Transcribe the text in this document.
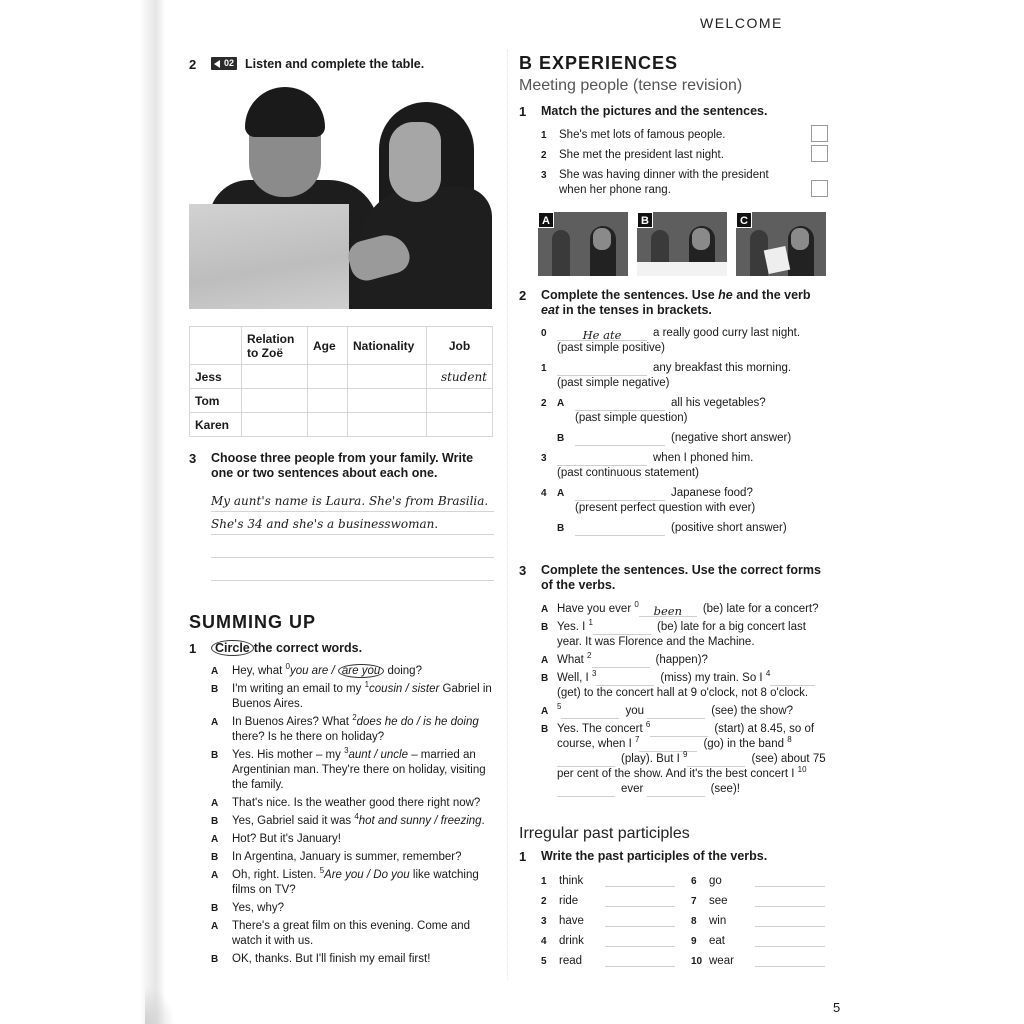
WELCOME
5
2	02 Listen and complete the table.
	Relation to Zoë	Age	Nationality	Job
Jess				student
Tom				
Karen				
3	Choose three people from your family. Write one or two sentences about each one.
My aunt's name is Laura. She's from Brasilia.
She's 34 and she's a businesswoman.
SUMMING UP
1	Circle the correct words.
A	Hey, what $^0$you are / are you doing?
B	I'm writing an email to my $^1$cousin / sister Gabriel in Buenos Aires.
A	In Buenos Aires? What $^2$does he do / is he doing there? Is he there on holiday?
B	Yes. His mother – my $^3$aunt / uncle – married an Argentinian man. They're there on holiday, visiting the family.
A	That's nice. Is the weather good there right now?
B	Yes, Gabriel said it was $^4$hot and sunny / freezing.
A	Hot? But it's January!
B	In Argentina, January is summer, remember?
A	Oh, right. Listen. $^5$Are you / Do you like watching films on TV?
B	Yes, why?
A	There's a great film on this evening. Come and watch it with us.
B	OK, thanks. But I'll finish my email first!
B EXPERIENCES
Meeting people (tense revision)
1	Match the pictures and the sentences.
1	She's met lots of famous people.
2	She met the president last night.
3	She was having dinner with the president when her phone rang.
A	B	C
2	Complete the sentences. Use he and the verb eat in the tenses in brackets.
0	He ate	a really good curry last night.
(past simple positive)
1	any breakfast this morning.
(past simple negative)
2	A	all his vegetables?
(past simple question)
B	(negative short answer)
3	when I phoned him.
(past continuous statement)
4	A	Japanese food?
(present perfect question with ever)
B	(positive short answer)
3	Complete the sentences. Use the correct forms of the verbs.
A Have you ever $^0$ been (be) late for a concert?
B Yes. I $^1$	(be) late for a big concert last year. It was Florence and the Machine.
A What $^2$	(happen)?
B Well, I $^3$	(miss) my train. So I $^4$(get) to the concert hall at 9 o'clock, not 8 o'clock.
A	$^5$	you	(see) the show?
B Yes. The concert $^6$	(start) at 8.45, so of course, when I $^7$	(go) in the band $^8$(play). But I $^9$	(see) about 75 per cent of the show. And it's the best concert I $^{10}$ever	(see)!
Irregular past participles
1	Write the past participles of the verbs.
1	think	6	go
2	ride	7	see
3	have	8	win
4	drink	9	eat
5	read	10 wear
